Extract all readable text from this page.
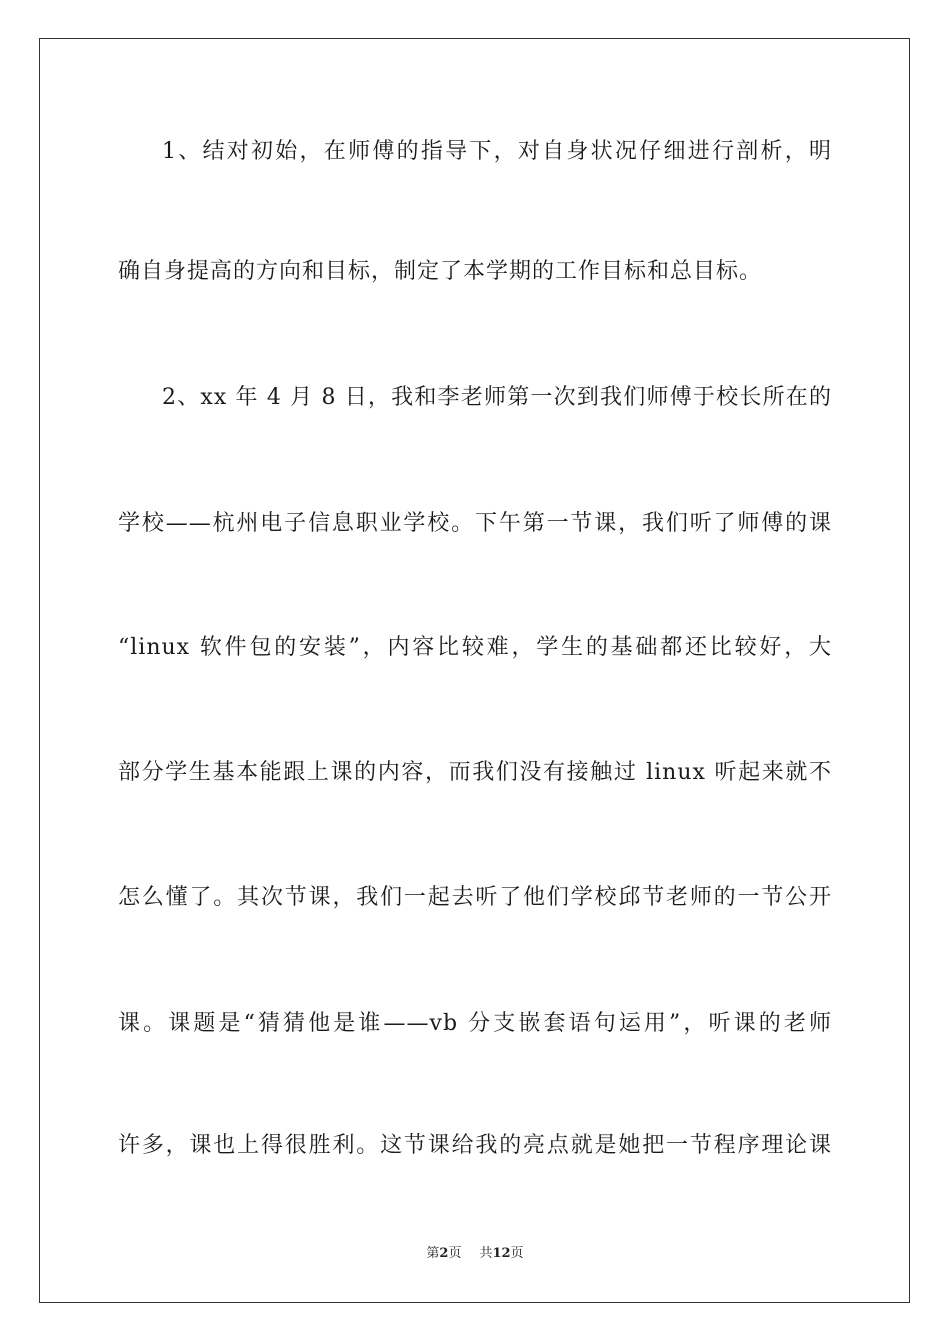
1、结对初始，在师傅的指导下，对自身状况仔细进行剖析，明
确自身提高的方向和目标，制定了本学期的工作目标和总目标。
2、xx 年 4 月 8 日，我和李老师第一次到我们师傅于校长所在的
学校——杭州电子信息职业学校。下午第一节课，我们听了师傅的课
“linux 软件包的安装”，内容比较难，学生的基础都还比较好，大
部分学生基本能跟上课的内容，而我们没有接触过 linux 听起来就不
怎么懂了。其次节课，我们一起去听了他们学校邱节老师的一节公开
课。课题是“猜猜他是谁——vb 分支嵌套语句运用”，听课的老师
许多，课也上得很胜利。这节课给我的亮点就是她把一节程序理论课
第2页 共12页
